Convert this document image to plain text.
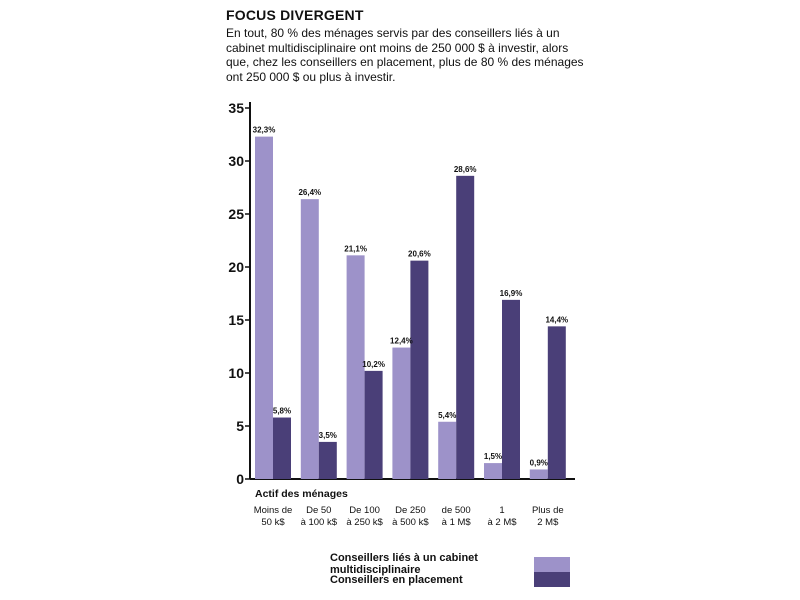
FOCUS DIVERGENT
En tout, 80 % des ménages servis par des conseillers liés à un cabinet multidisciplinaire ont moins de 250 000 $ à investir, alors que, chez les conseillers en placement, plus de 80 % des ménages ont 250 000 $ ou plus à investir.
0
5
10
15
20
25
30
35
32,3%
26,4%
21,1%
12,4%
5,4%
1,5%
0,9%
5,8%
3,5%
10,2%
20,6%
28,6%
16,9%
14,4%
Actif des ménages
Moins de
50 k$
De 50
à 100 k$
De 100
à 250 k$
De 250
à 500 k$
de 500
à 1 M$
1
à 2 M$
Plus de
2 M$
Conseillers liés à un cabinet multidisciplinaire
Conseillers en placement
